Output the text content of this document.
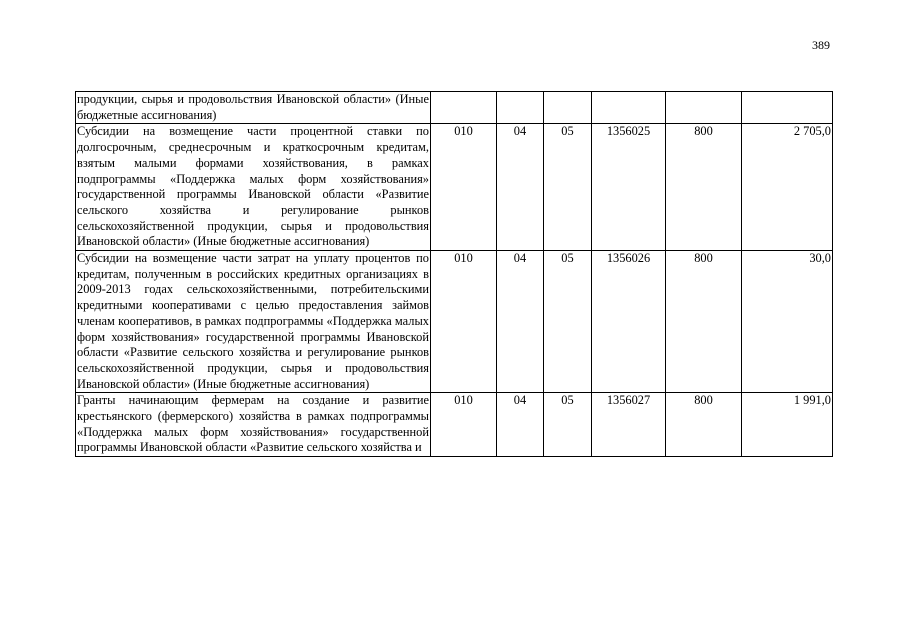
389
продукции, сырья и продовольствия Ивановской области» (Иные бюджетные ассигнования)						
Субсидии на возмещение части процентной ставки по долгосрочным, среднесрочным и краткосрочным кредитам, взятым малыми формами хозяйствования, в рамках подпрограммы «Поддержка малых форм хозяйствования» государственной программы Ивановской области «Развитие сельского хозяйства и регулирование рынков сельскохозяйственной продукции, сырья и продовольствия Ивановской области» (Иные бюджетные ассигнования)	010	04	05	1356025	800	2 705,0
Субсидии на возмещение части затрат на уплату процентов по кредитам, полученным в российских кредитных организациях в 2009-2013 годах сельскохозяйственными, потребительскими кредитными кооперативами с целью предоставления займов членам кооперативов, в рамках подпрограммы «Поддержка малых форм хозяйствования» государственной программы Ивановской области «Развитие сельского хозяйства и регулирование рынков сельскохозяйственной продукции, сырья и продовольствия Ивановской области» (Иные бюджетные ассигнования)	010	04	05	1356026	800	30,0
Гранты начинающим фермерам на создание и развитие крестьянского (фермерского) хозяйства в рамках подпрограммы «Поддержка малых форм хозяйствования» государственной программы Ивановской области «Развитие сельского хозяйства и	010	04	05	1356027	800	1 991,0
